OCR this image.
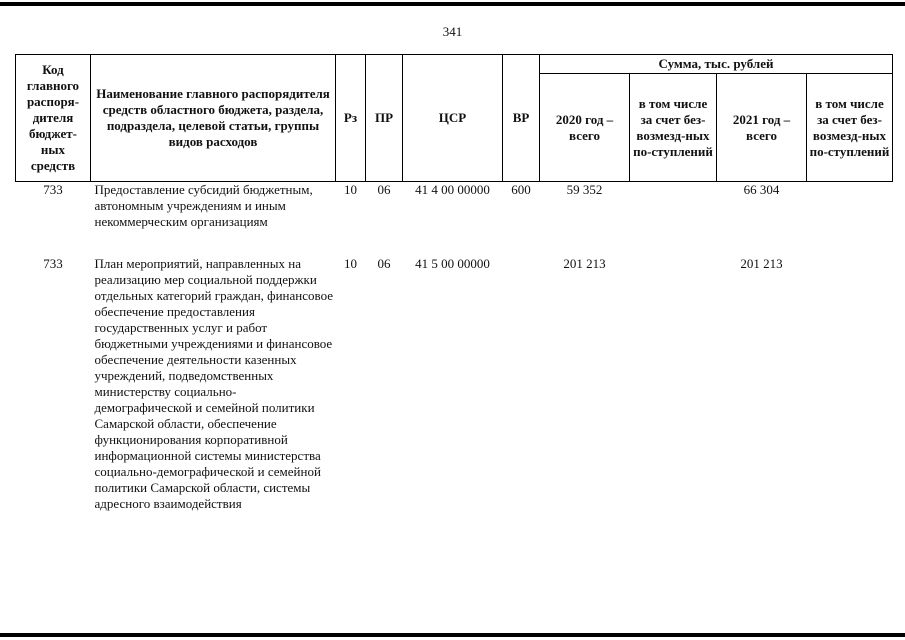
341
Код главного распоря-дителя бюджет-ных средств	Наименование главного распорядителя средств областного бюджета, раздела, подраздела, целевой статьи, группы видов расходов	Рз	ПР	ЦСР	ВР	Сумма, тыс. рублей			
						2020 год – всего	в том числе за счет без-возмезд-ных по-ступлений	2021 год – всего	в том числе за счет без-возмезд-ных по-ступлений
733	Предоставление субсидий бюджетным, автономным учреждениям и иным некоммерческим организациям	10	06	41 4 00 00000	600	59 352		66 304	
733	План мероприятий, направленных на реализацию мер социальной поддержки отдельных категорий граждан, финансовое обеспечение предоставления государственных услуг и работ бюджетными учреждениями и финансовое обеспечение деятельности казенных учреждений, подведомственных министерству социально-демографической и семейной политики Самарской области, обеспечение функционирования корпоративной информационной системы министерства социально-демографической и семейной политики Самарской области, системы адресного взаимодействия	10	06	41 5 00 00000		201 213		201 213	
